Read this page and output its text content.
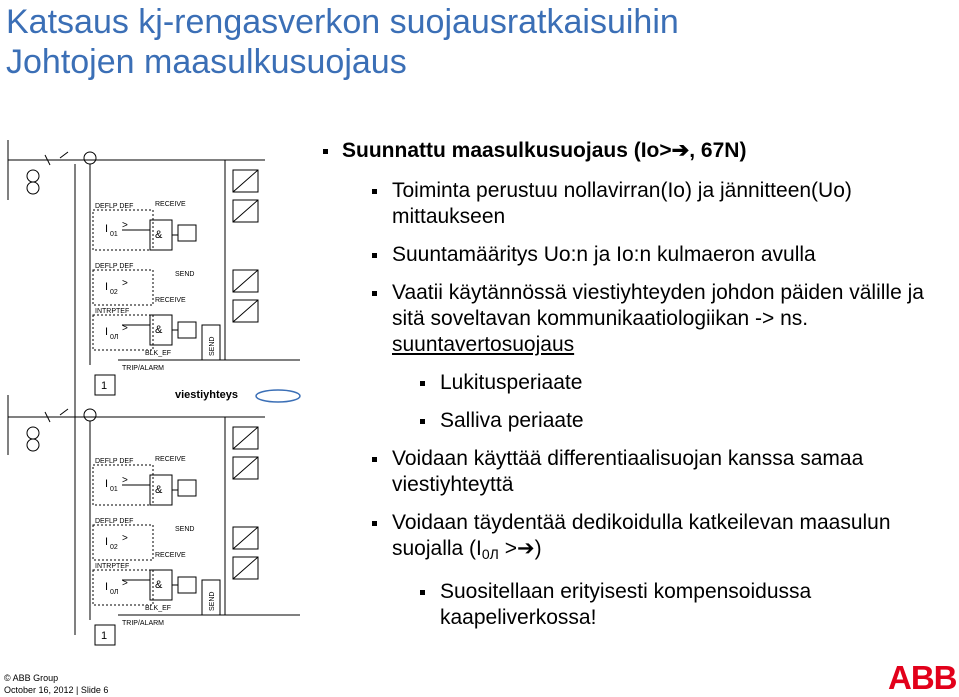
Katsaus kj-rengasverkon suojausratkaisuihin
Johtojen maasulkusuojaus
DEFLP DEF
DEFLP DEF
I 01
>
I 02
>
INTRPTEF
I 0Л
>
RECEIVE
RECEIVE
SEND
&
&
BLK_EF
TRIP/ALARM
1
SEND
viestiyhteys
DEFLP DEF
DEFLP DEF
I 01
>
I 02
>
INTRPTEF
I 0Л
>
RECEIVE
RECEIVE
SEND
&
&
BLK_EF
TRIP/ALARM
1
SEND
Suunnattu maasulkusuojaus (Io>➔, 67N)
Toiminta perustuu nollavirran(Io) ja jännitteen(Uo) mittaukseen
Suuntamääritys Uo:n ja Io:n kulmaeron avulla
Vaatii käytännössä viestiyhteyden johdon päiden välille ja sitä soveltavan kommunikaatiologiikan -> ns. suuntavertosuojaus
Lukitusperiaate
Salliva periaate
Voidaan käyttää differentiaalisuojan kanssa samaa viestiyhteyttä
Voidaan täydentää dedikoidulla katkeilevan maasulun suojalla ($I_{0Л}$ >➔)
Suositellaan erityisesti kompensoidussa kaapeliverkossa!
© ABB Group
October 16, 2012 | Slide 6	ABB
